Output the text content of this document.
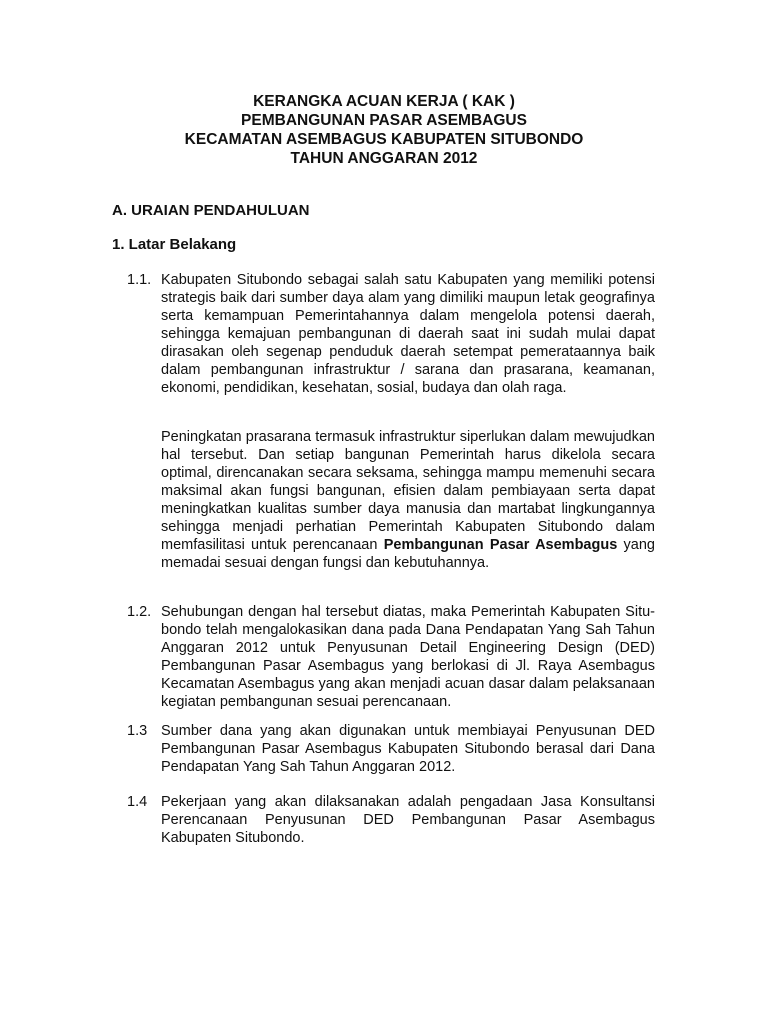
KERANGKA ACUAN KERJA ( KAK )
PEMBANGUNAN PASAR ASEMBAGUS
KECAMATAN ASEMBAGUS KABUPATEN SITUBONDO
TAHUN ANGGARAN 2012
A. URAIAN PENDAHULUAN
1. Latar Belakang
1.1. Kabupaten Situbondo sebagai salah satu Kabupaten yang memiliki potensi strategis baik dari sumber daya alam yang dimiliki maupun letak geografinya serta kemampuan Pemerintahannya dalam mengelola potensi daerah, sehingga kemajuan pembangunan di daerah saat ini sudah mulai dapat dirasakan oleh segenap penduduk daerah setempat pemerataannya baik dalam pembangunan infrastruktur / sarana dan prasarana, keamanan, ekonomi, pendidikan, kesehatan, sosial, budaya dan olah raga.
Peningkatan prasarana termasuk infrastruktur siperlukan dalam mewujudkan hal tersebut. Dan setiap bangunan Pemerintah harus dikelola secara optimal, direncanakan secara seksama, sehingga mampu memenuhi secara maksimal akan fungsi bangunan, efisien dalam pembiayaan serta dapat meningkatkan kualitas sumber daya manusia dan martabat lingkungannya sehingga menjadi perhatian Pemerintah Kabupaten Situbondo dalam memfasilitasi untuk perencanaan Pembangunan Pasar Asembagus yang memadai sesuai dengan fungsi dan kebutuhannya.
1.2. Sehubungan dengan hal tersebut diatas, maka Pemerintah Kabupaten Situ-bondo telah mengalokasikan dana pada Dana Pendapatan Yang Sah Tahun Anggaran 2012 untuk Penyusunan Detail Engineering Design (DED) Pembangunan Pasar Asembagus yang berlokasi di Jl. Raya Asembagus Kecamatan Asembagus yang akan menjadi acuan dasar dalam pelaksanaan kegiatan pembangunan sesuai perencanaan.
1.3 Sumber dana yang akan digunakan untuk membiayai Penyusunan DED Pembangunan Pasar Asembagus Kabupaten Situbondo berasal dari Dana Pendapatan Yang Sah Tahun Anggaran 2012.
1.4 Pekerjaan yang akan dilaksanakan adalah pengadaan Jasa Konsultansi Perencanaan Penyusunan DED Pembangunan Pasar Asembagus Kabupaten Situbondo.
